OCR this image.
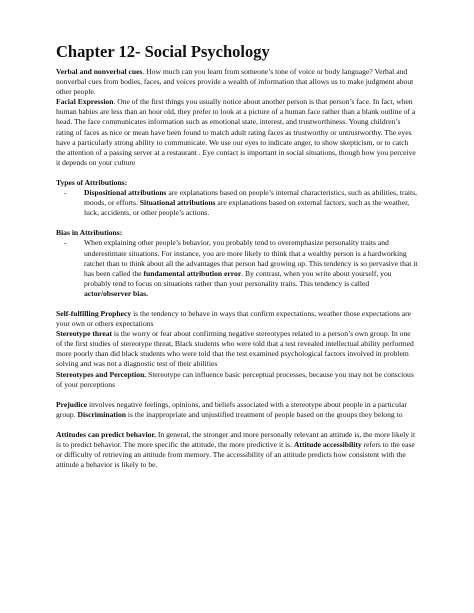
Chapter 12- Social Psychology

Verbal and nonverbal cues. How much can you learn from someone’s tone of voice or body language? Verbal and nonverbal cues from bodies, faces, and voices provide a wealth of information that allows us to make judgment about other people.

Facial Expression. One of the first things you usually notice about another person is that person’s face. In fact, when human babies are less than an hour old, they prefer to look at a picture of a human face rather than a blank outline of a head. The face communicates information such as emotional state, interest, and trustworthiness. Young children’s rating of faces as nice or mean have been found to match adult rating faces as trustworthy or untrustworthy. The eyes have a particularly strong ability to communicate. We use our eyes to indicate anger, to show skepticism, or to catch the attention of a passing server at a restaurant . Eye contact is important in social situations, though how you perceive it depends on your culture

Types of Attributions:

- Dispositional attributions are explanations based on people’s internal characteristics, such as abilities, traits, moods, or efforts. Situational attributions are explanations based on external factors, such as the weather, luck, accidents, or other people’s actions.

Bias in Attributions:

- When explaining other people’s behavior, you probably tend to overemphasize personality traits and underestimate situations. For instance, you are more likely to think that a wealthy person is a hardworking ratchet than to think about all the advantages that person had growing up. This tendency is so pervasive that it has been called the fundamental attribution error. By contrast, when you write about yourself, you probably tend to focus on situations rather than your personality traits. This tendency is called actor/observer bias.

Self-fulfilling Prophecy is the tendency to behave in ways that confirm expectations, weather those expectations are your own or others expectations

Stereotype threat is the worry or fear about confirming negative stereotypes related to a person’s own group. In one of the first studies of stereotype threat, Black students who were told that a test revealed intellectual ability performed more poorly than did black students who were told that the test examined psychological factors involved in problem solving and was not a diagnostic test of their abilities

Stereotypes and Perception. Stereotype can influence basic perceptual processes, because you may not be conscious of your perceptions

Prejudice involves negative feelings, opinions, and beliefs associated with a stereotype about people in a particular group. Discrimination is the inappropriate and unjustified treatment of people based on the groups they belong to

Attitudes can predict behavior. In general, the stronger and more personally relevant an attitude is, the more likely it is to predict behavior. The more specific the attitude, the more predictive it is. Attitude accessibility refers to the ease or difficulty of retrieving an attitude from memory. The accessibility of an attitude predicts how consistent with the attitude a behavior is likely to be.
